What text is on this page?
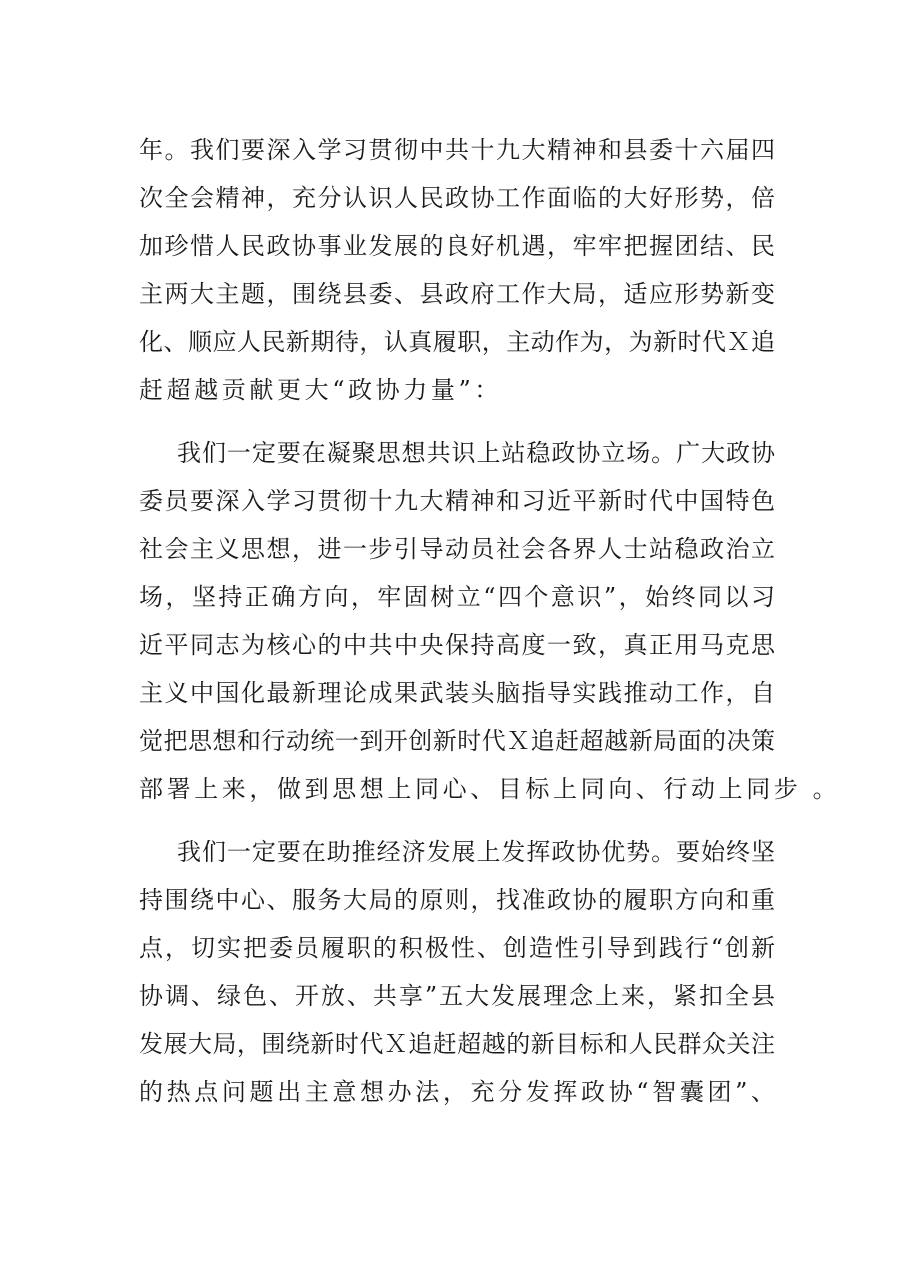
年。我们要深入学习贯彻中共十九大精神和县委十六届四
次全会精神，充分认识人民政协工作面临的大好形势，倍
加珍惜人民政协事业发展的良好机遇，牢牢把握团结、民
主两大主题，围绕县委、县政府工作大局，适应形势新变
化、顺应人民新期待，认真履职，主动作为，为新时代Ｘ追
赶超越贡献更大“政协力量”：
我们一定要在凝聚思想共识上站稳政协立场。广大政协
委员要深入学习贯彻十九大精神和习近平新时代中国特色
社会主义思想，进一步引导动员社会各界人士站稳政治立
场，坚持正确方向，牢固树立“四个意识”，始终同以习
近平同志为核心的中共中央保持高度一致，真正用马克思
主义中国化最新理论成果武装头脑指导实践推动工作，自
觉把思想和行动统一到开创新时代Ｘ追赶超越新局面的决策
部署上来，做到思想上同心、目标上同向、行动上同步 。
我们一定要在助推经济发展上发挥政协优势。要始终坚
持围绕中心、服务大局的原则，找准政协的履职方向和重
点，切实把委员履职的积极性、创造性引导到践行“创新
协调、绿色、开放、共享”五大发展理念上来，紧扣全县
发展大局，围绕新时代Ｘ追赶超越的新目标和人民群众关注
的热点问题出主意想办法，充分发挥政协“智囊团”、
